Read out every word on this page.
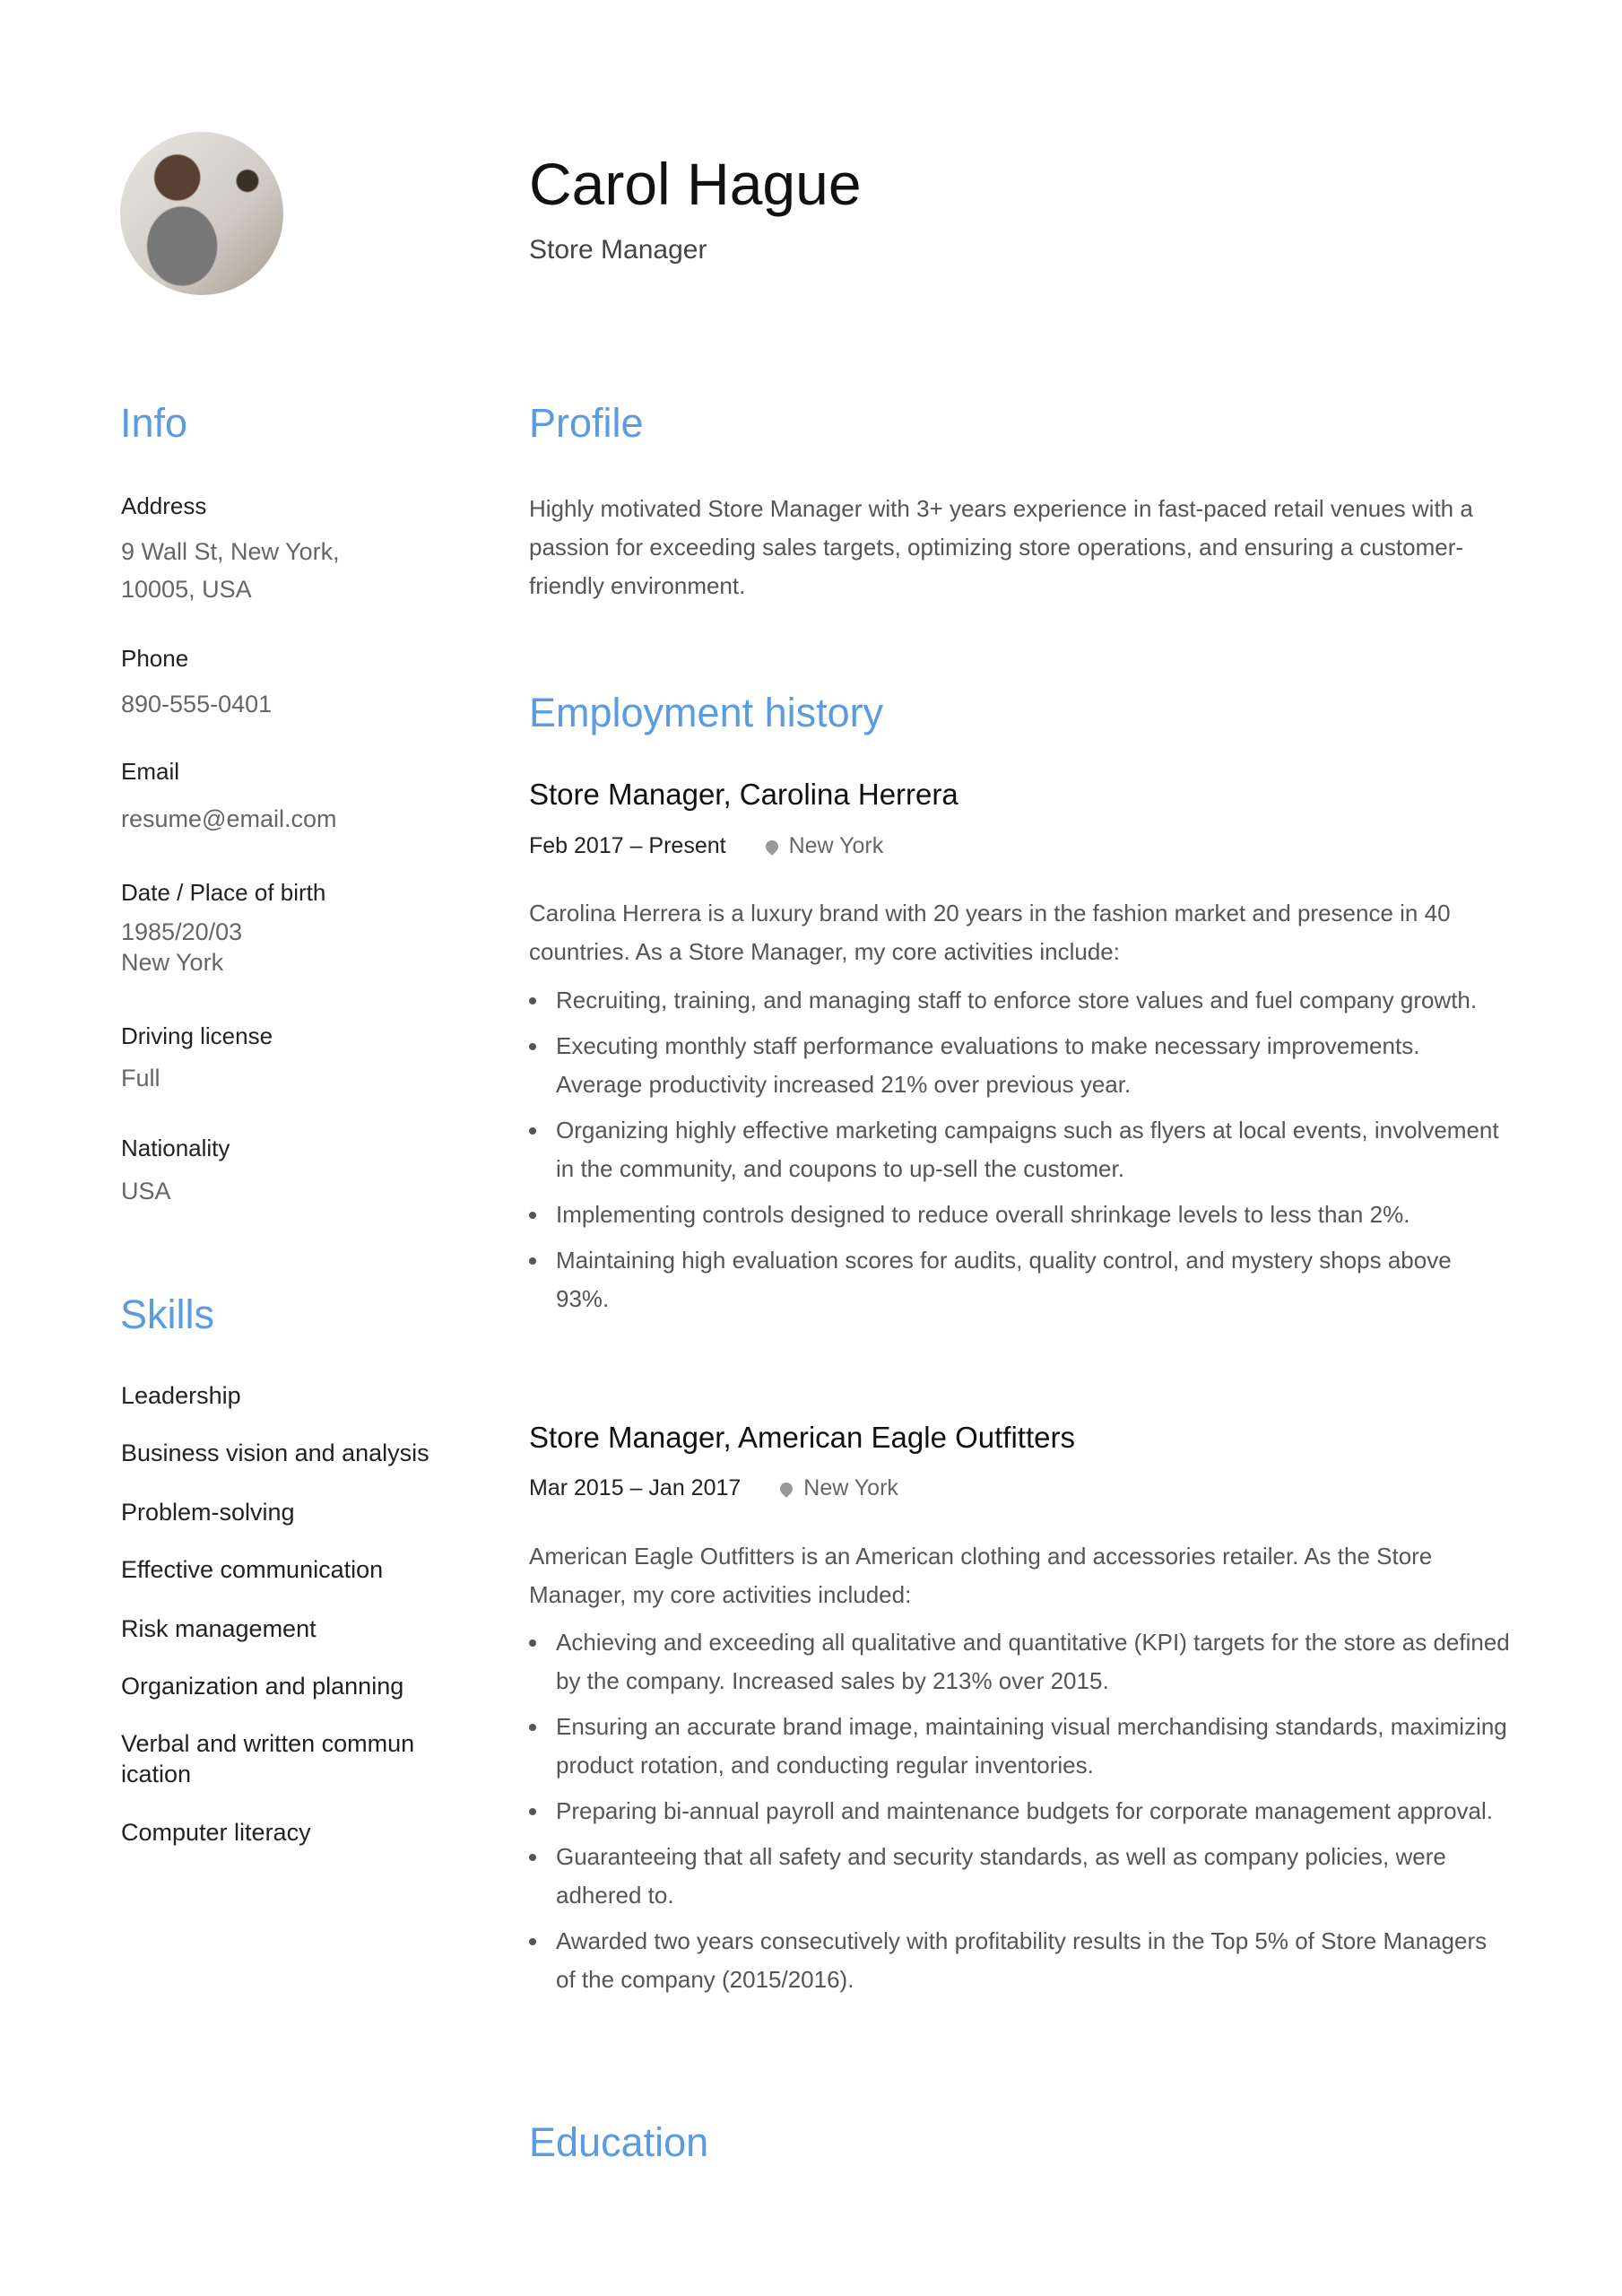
Carol Hague
Store Manager
Info
Address
9 Wall St, New York,
10005, USA
Phone
890-555-0401
Email
resume@email.com
Date / Place of birth
1985/20/03
New York
Driving license
Full
Nationality
USA
Skills
Leadership
Business vision and analysis
Problem-solving
Effective communication
Risk management
Organization and planning
Verbal and written commun ication
Computer literacy
Profile
Highly motivated Store Manager with 3+ years experience in fast-paced retail venues with a passion for exceeding sales targets, optimizing store operations, and ensuring a customer-friendly environment.
Employment history
Store Manager, Carolina Herrera
Feb 2017 – Present	New York
Carolina Herrera is a luxury brand with 20 years in the fashion market and presence in 40 countries. As a Store Manager, my core activities include:
Recruiting, training, and managing staff to enforce store values and fuel company growth.
Executing monthly staff performance evaluations to make necessary improvements. Average productivity increased 21% over previous year.
Organizing highly effective marketing campaigns such as flyers at local events, involvement in the community, and coupons to up-sell the customer.
Implementing controls designed to reduce overall shrinkage levels to less than 2%.
Maintaining high evaluation scores for audits, quality control, and mystery shops above 93%.
Store Manager, American Eagle Outfitters
Mar 2015 – Jan 2017	New York
American Eagle Outfitters is an American clothing and accessories retailer. As the Store Manager, my core activities included:
Achieving and exceeding all qualitative and quantitative (KPI) targets for the store as defined by the company. Increased sales by 213% over 2015.
Ensuring an accurate brand image, maintaining visual merchandising standards, maximizing product rotation, and conducting regular inventories.
Preparing bi-annual payroll and maintenance budgets for corporate management approval.
Guaranteeing that all safety and security standards, as well as company policies, were adhered to.
Awarded two years consecutively with profitability results in the Top 5% of Store Managers of the company (2015/2016).
Education
